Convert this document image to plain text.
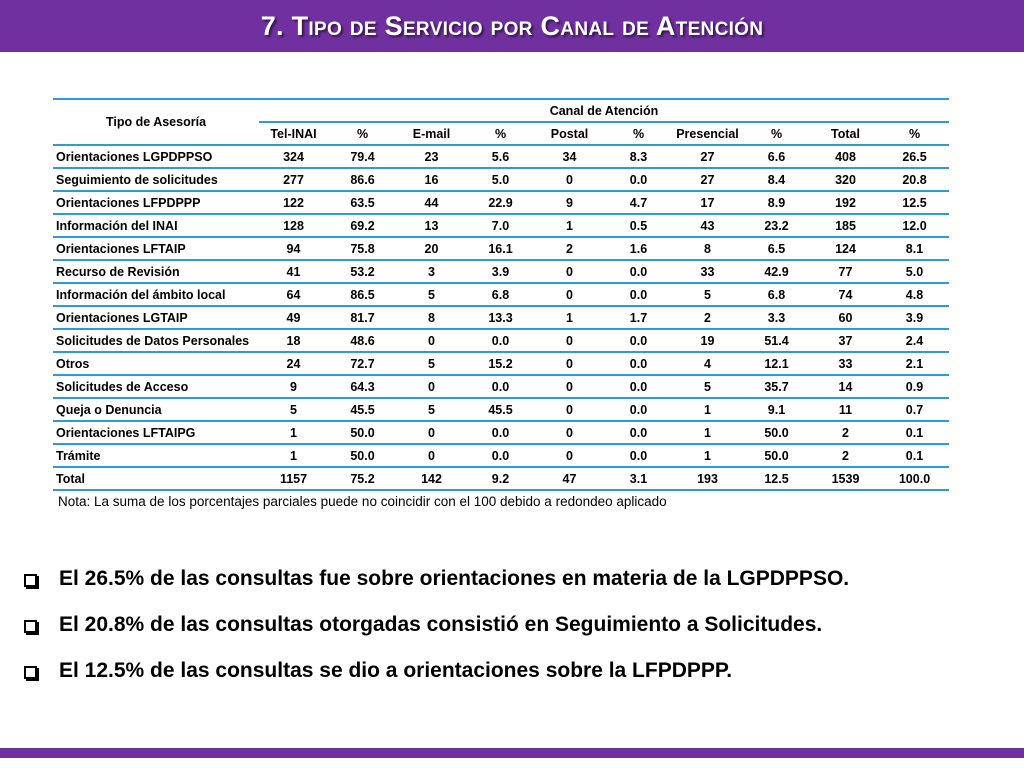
7. Tipo de Servicio por Canal de Atención
Tipo de Asesoría	Canal de Atención									
	Tel-INAI	%	E-mail	%	Postal	%	Presencial	%	Total	%
Orientaciones LGPDPPSO	324	79.4	23	5.6	34	8.3	27	6.6	408	26.5
Seguimiento de solicitudes	277	86.6	16	5.0	0	0.0	27	8.4	320	20.8
Orientaciones LFPDPPP	122	63.5	44	22.9	9	4.7	17	8.9	192	12.5
Información del INAI	128	69.2	13	7.0	1	0.5	43	23.2	185	12.0
Orientaciones LFTAIP	94	75.8	20	16.1	2	1.6	8	6.5	124	8.1
Recurso de Revisión	41	53.2	3	3.9	0	0.0	33	42.9	77	5.0
Información del ámbito local	64	86.5	5	6.8	0	0.0	5	6.8	74	4.8
Orientaciones LGTAIP	49	81.7	8	13.3	1	1.7	2	3.3	60	3.9
Solicitudes de Datos Personales	18	48.6	0	0.0	0	0.0	19	51.4	37	2.4
Otros	24	72.7	5	15.2	0	0.0	4	12.1	33	2.1
Solicitudes de Acceso	9	64.3	0	0.0	0	0.0	5	35.7	14	0.9
Queja o Denuncia	5	45.5	5	45.5	0	0.0	1	9.1	11	0.7
Orientaciones LFTAIPG	1	50.0	0	0.0	0	0.0	1	50.0	2	0.1
Trámite	1	50.0	0	0.0	0	0.0	1	50.0	2	0.1
Total	1157	75.2	142	9.2	47	3.1	193	12.5	1539	100.0
Nota: La suma de los porcentajes parciales puede no coincidir con el 100 debido a redondeo aplicado
El 26.5% de las consultas fue sobre orientaciones en materia de la LGPDPPSO.
El 20.8% de las consultas otorgadas consistió en Seguimiento a Solicitudes.
El 12.5% de las consultas se dio a orientaciones sobre la LFPDPPP.
